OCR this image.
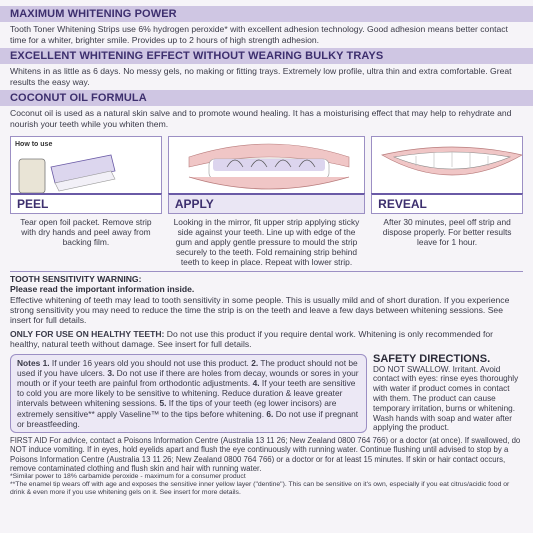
MAXIMUM WHITENING POWER
Tooth Toner Whitening Strips use 6% hydrogen peroxide* with excellent adhesion technology. Good adhesion means better contact time for a whiter, brighter smile. Provides up to 2 hours of high strength adhesion.
EXCELLENT WHITENING EFFECT WITHOUT WEARING BULKY TRAYS
Whitens in as little as 6 days. No messy gels, no making or fitting trays. Extremely low profile, ultra thin and extra comfortable. Great results the easy way.
COCONUT OIL FORMULA
Coconut oil is used as a natural skin salve and to promote wound healing. It has a moisturising effect that may help to rehydrate and nourish your teeth while you whiten them.
How to use
PEEL
Tear open foil packet. Remove strip with dry hands and peel away from backing film.
APPLY
Looking in the mirror, fit upper strip applying sticky side against your teeth. Line up with edge of the gum and apply gentle pressure to mould the strip securely to the teeth. Fold remaining strip behind teeth to keep in place. Repeat with lower strip.
REVEAL
After 30 minutes, peel off strip and dispose properly. For better results leave for 1 hour.
TOOTH SENSITIVITY WARNING:
Please read the important information inside.
Effective whitening of teeth may lead to tooth sensitivity in some people. This is usually mild and of short duration. If you experience strong sensitivity you may need to reduce the time the strip is on the teeth and leave a few days between whitening sessions. See insert for full details.
ONLY FOR USE ON HEALTHY TEETH: Do not use this product if you require dental work. Whitening is only recommended for healthy, natural teeth without damage. See insert for full details.
Notes 1. If under 16 years old you should not use this product. 2. The product should not be used if you have ulcers. 3. Do not use if there are holes from decay, wounds or sores in your mouth or if your teeth are painful from orthodontic adjustments. 4. If your teeth are sensitive to cold you are more likely to be sensitive to whitening. Reduce duration & leave greater intervals between whitening sessions. 5. If the tips of your teeth (eg lower incisors) are extremely sensitive** apply Vaseline™ to the tips before whitening. 6. Do not use if pregnant or breastfeeding.
SAFETY DIRECTIONS.
DO NOT SWALLOW. Irritant. Avoid contact with eyes: rinse eyes thoroughly with water if product comes in contact with them. The product can cause temporary irritation, burns or whitening. Wash hands with soap and water after applying the product.
FIRST AID For advice, contact a Poisons Information Centre (Australia 13 11 26; New Zealand 0800 764 766) or a doctor (at once). If swallowed, do NOT induce vomiting. If in eyes, hold eyelids apart and flush the eye continuously with running water. Continue flushing until advised to stop by a Poisons Information Centre (Australia 13 11 26; New Zealand 0800 764 766) or a doctor or for at least 15 minutes. If skin or hair contact occurs, remove contaminated clothing and flush skin and hair with running water.
*Similar power to 18% carbamide peroxide - maximum for a consumer product
**The enamel tip wears off with age and exposes the sensitive inner yellow layer ("dentine"). This can be sensitive on it's own, especially if you eat citrus/acidic food or drink & even more if you use whitening gels on it. See insert for more details.
